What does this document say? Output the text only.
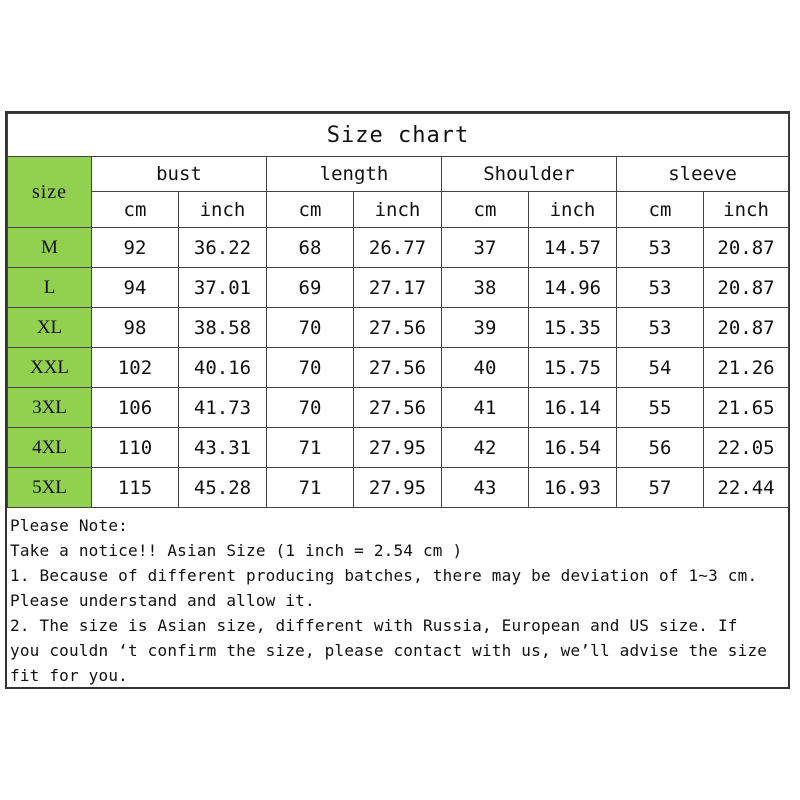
Size chart								
size	bust		length		Shoulder		sleeve	
	cm	inch	cm	inch	cm	inch	cm	inch
M	92	36.22	68	26.77	37	14.57	53	20.87
L	94	37.01	69	27.17	38	14.96	53	20.87
XL	98	38.58	70	27.56	39	15.35	53	20.87
XXL	102	40.16	70	27.56	40	15.75	54	21.26
3XL	106	41.73	70	27.56	41	16.14	55	21.65
4XL	110	43.31	71	27.95	42	16.54	56	22.05
5XL	115	45.28	71	27.95	43	16.93	57	22.44
Please Note:
Take a notice!! Asian Size (1 inch = 2.54 cm )
1. Because of different producing batches, there may be deviation of 1~3 cm.
Please understand and allow it.
2. The size is Asian size, different with Russia, European and US size. If
you couldn ‘t confirm the size, please contact with us, we’ll advise the size
fit for you.
